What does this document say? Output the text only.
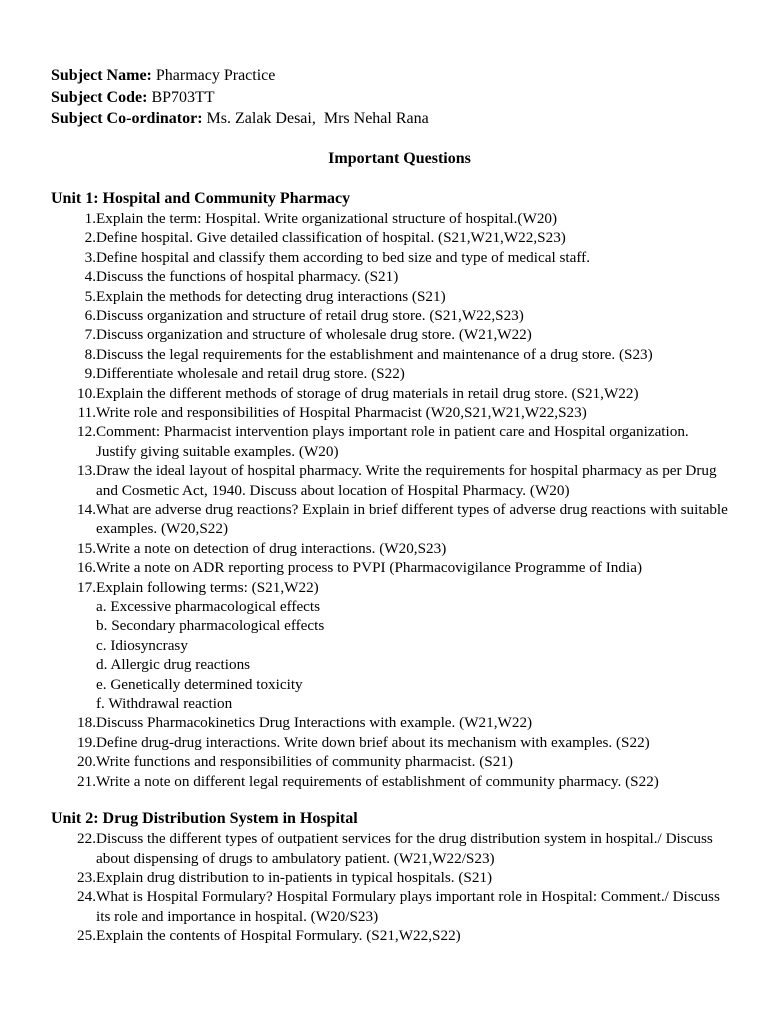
Subject Name: Pharmacy Practice
Subject Code: BP703TT
Subject Co-ordinator: Ms. Zalak Desai,  Mrs Nehal Rana
Important Questions
Unit 1: Hospital and Community Pharmacy
1. Explain the term: Hospital. Write organizational structure of hospital.(W20)
2. Define hospital. Give detailed classification of hospital. (S21,W21,W22,S23)
3. Define hospital and classify them according to bed size and type of medical staff.
4. Discuss the functions of hospital pharmacy. (S21)
5. Explain the methods for detecting drug interactions (S21)
6. Discuss organization and structure of retail drug store. (S21,W22,S23)
7. Discuss organization and structure of wholesale drug store. (W21,W22)
8. Discuss the legal requirements for the establishment and maintenance of a drug store. (S23)
9. Differentiate wholesale and retail drug store. (S22)
10. Explain the different methods of storage of drug materials in retail drug store. (S21,W22)
11. Write role and responsibilities of Hospital Pharmacist (W20,S21,W21,W22,S23)
12. Comment: Pharmacist intervention plays important role in patient care and Hospital organization. Justify giving suitable examples. (W20)
13. Draw the ideal layout of hospital pharmacy. Write the requirements for hospital pharmacy as per Drug and Cosmetic Act, 1940. Discuss about location of Hospital Pharmacy. (W20)
14. What are adverse drug reactions? Explain in brief different types of adverse drug reactions with suitable examples. (W20,S22)
15. Write a note on detection of drug interactions. (W20,S23)
16. Write a note on ADR reporting process to PVPI (Pharmacovigilance Programme of India)
17. Explain following terms: (S21,W22)
a. Excessive pharmacological effects
b. Secondary pharmacological effects
c. Idiosyncrasy
d. Allergic drug reactions
e. Genetically determined toxicity
f. Withdrawal reaction
18. Discuss Pharmacokinetics Drug Interactions with example. (W21,W22)
19. Define drug-drug interactions. Write down brief about its mechanism with examples. (S22)
20. Write functions and responsibilities of community pharmacist. (S21)
21. Write a note on different legal requirements of establishment of community pharmacy. (S22)
Unit 2: Drug Distribution System in Hospital
22. Discuss the different types of outpatient services for the drug distribution system in hospital./ Discuss about dispensing of drugs to ambulatory patient. (W21,W22/S23)
23. Explain drug distribution to in-patients in typical hospitals. (S21)
24. What is Hospital Formulary? Hospital Formulary plays important role in Hospital: Comment./ Discuss its role and importance in hospital. (W20/S23)
25. Explain the contents of Hospital Formulary. (S21,W22,S22)
